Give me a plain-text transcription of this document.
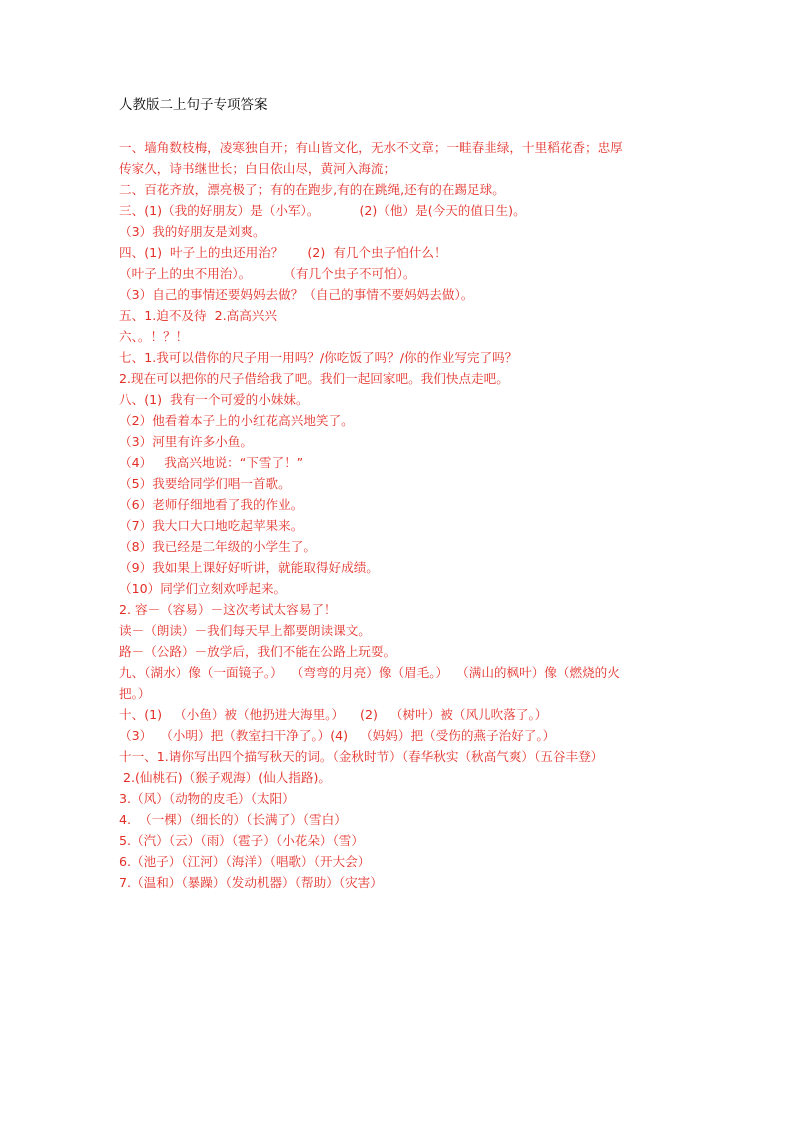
人教版二上句子专项答案
一、墙角数枝梅，凌寒独自开；有山皆文化，无水不文章；一畦春韭绿，十里稻花香；忠厚
传家久，诗书继世长；白日依山尽，黄河入海流；
二、百花齐放，漂亮极了；有的在跑步,有的在跳绳,还有的在踢足球。
三、(1)（我的好朋友）是（小军）。          (2)（他）是(今天的值日生)。
（3）我的好朋友是刘爽。
四、(1)  叶子上的虫还用治？      (2)  有几个虫子怕什么！
（叶子上的虫不用治）。        （有几个虫子不可怕）。
（3）自己的事情还要妈妈去做？（自己的事情不要妈妈去做）。
五、1.迫不及待  2.高高兴兴
六、。！？！
七、1.我可以借你的尺子用一用吗？/你吃饭了吗？/你的作业写完了吗？
2.现在可以把你的尺子借给我了吧。我们一起回家吧。我们快点走吧。
八、(1)  我有一个可爱的小妹妹。
（2）他看着本子上的小红花高兴地笑了。
（3）河里有许多小鱼。
（4）   我高兴地说：“下雪了！”
（5）我要给同学们唱一首歌。
（6）老师仔细地看了我的作业。
（7）我大口大口地吃起苹果来。
（8）我已经是二年级的小学生了。
（9）我如果上课好好听讲，就能取得好成绩。
（10）同学们立刻欢呼起来。
2. 容－（容易）－这次考试太容易了！
读－（朗读）－我们每天早上都要朗读课文。
路－（公路）－放学后，我们不能在公路上玩耍。
九、（湖水）像（一面镜子。）  （弯弯的月亮）像（眉毛。）  （满山的枫叶）像（燃烧的火
把。）
十、(1)   （小鱼）被（他扔进大海里。）    (2)   （树叶）被（风儿吹落了。）
（3）  （小明）把（教室扫干净了。）(4)   （妈妈）把（受伤的燕子治好了。）
十一、1.请你写出四个描写秋天的词。（金秋时节）（春华秋实（秋高气爽）（五谷丰登）
2.(仙桃石)（猴子观海）(仙人指路)。
3.（风）（动物的皮毛）（太阳）
4.  （一棵）（细长的）（长满了）（雪白）
5.（汽）（云）（雨）（雹子）（小花朵）（雪）
6.（池子）（江河）（海洋）（唱歌）（开大会）
7.（温和）（暴躁）（发动机器）（帮助）（灾害）
